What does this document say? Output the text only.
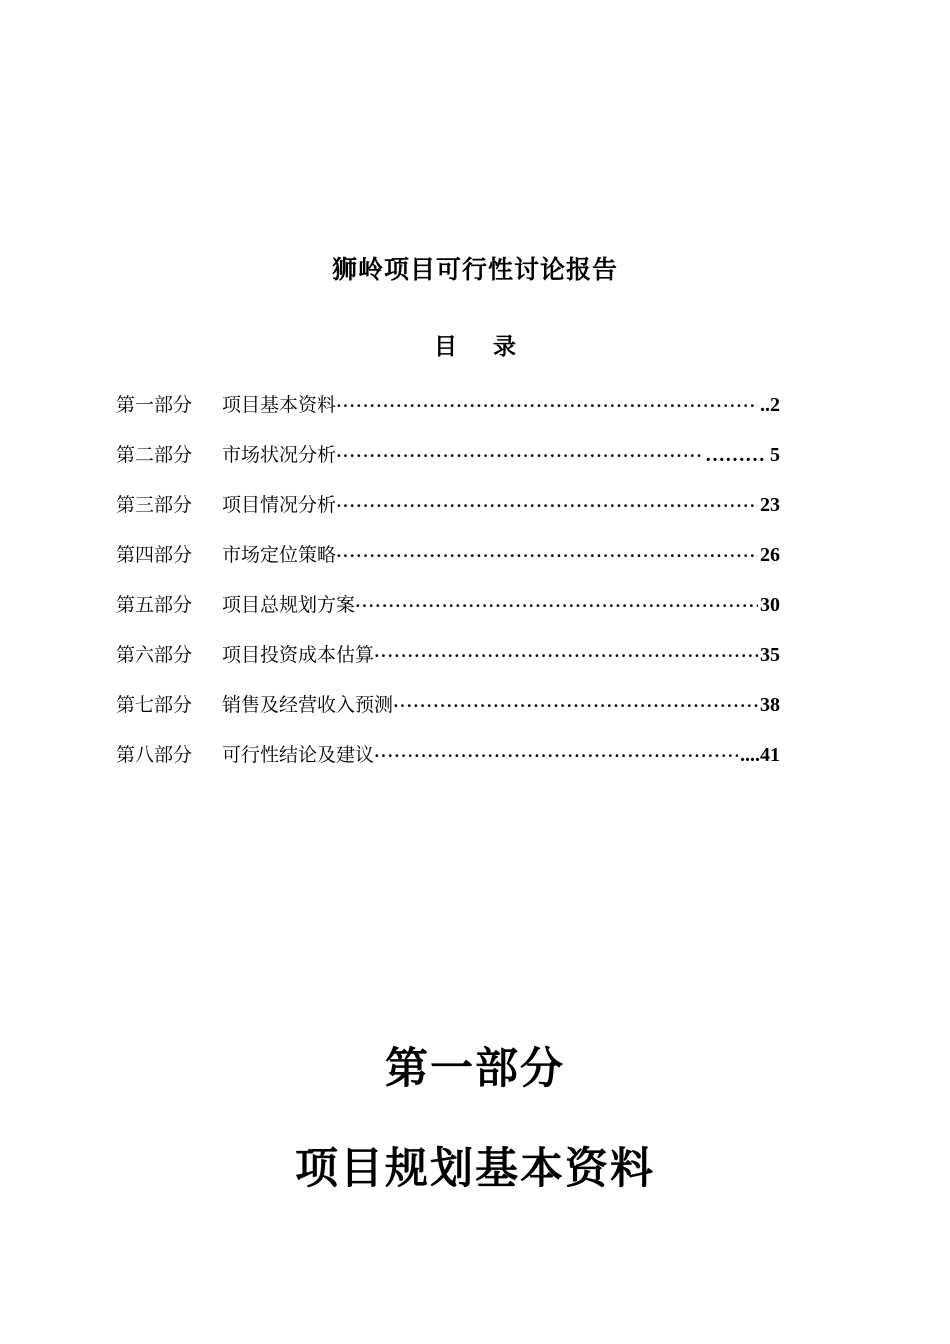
狮岭项目可行性讨论报告
目 录
第一部分	项目基本资料 ·····	..2
第二部分	市场状况分析 ·····	……… 5
第三部分	项目情况分析 ·····	23
第四部分	市场定位策略 ·····	26
第五部分	项目总规划方案 ·····	30
第六部分	项目投资成本估算 ·····	35
第七部分	销售及经营收入预测 ·····	38
第八部分	可行性结论及建议 ·····	....41
第一部分
项目规划基本资料
